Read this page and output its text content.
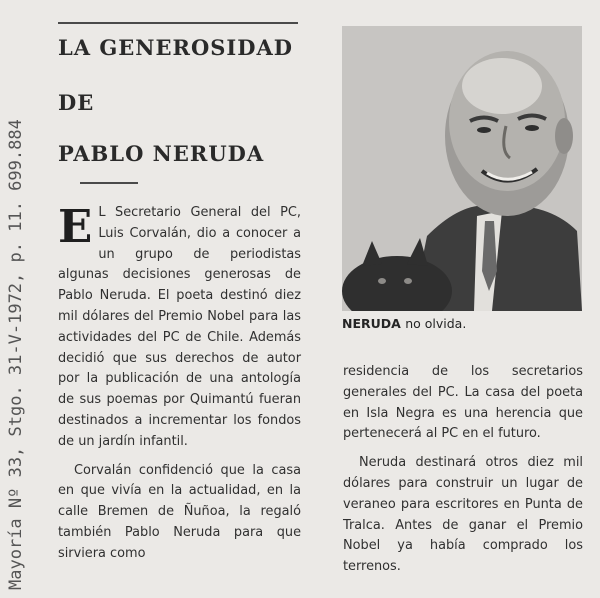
LA GENEROSIDAD
DE
PABLO NERUDA
Mayoría Nº 33, Stgo. 31-V-1972, p. 11. 699.884	NERUDA no olvida.

E L Secretario General del PC, Luis Corvalán, dio a conocer a un grupo de periodistas algunas decisiones generosas de Pablo Neruda. El poeta destinó diez mil dólares del Premio Nobel para las actividades del PC de Chile. Además decidió que sus derechos de autor por la publicación de una antología de sus poemas por Quimantú fueran destinados a incrementar los fondos de un jardín infantil.

Corvalán confidenció que la casa en que vivía en la actualidad, en la calle Bremen de Ñuñoa, la regaló también Pablo Neruda para que sirviera como

residencia de los secretarios generales del PC. La casa del poeta en Isla Negra es una herencia que pertenecerá al PC en el futuro.

Neruda destinará otros diez mil dólares para construir un lugar de veraneo para escritores en Punta de Tralca. Antes de ganar el Premio Nobel ya había comprado los terrenos.
